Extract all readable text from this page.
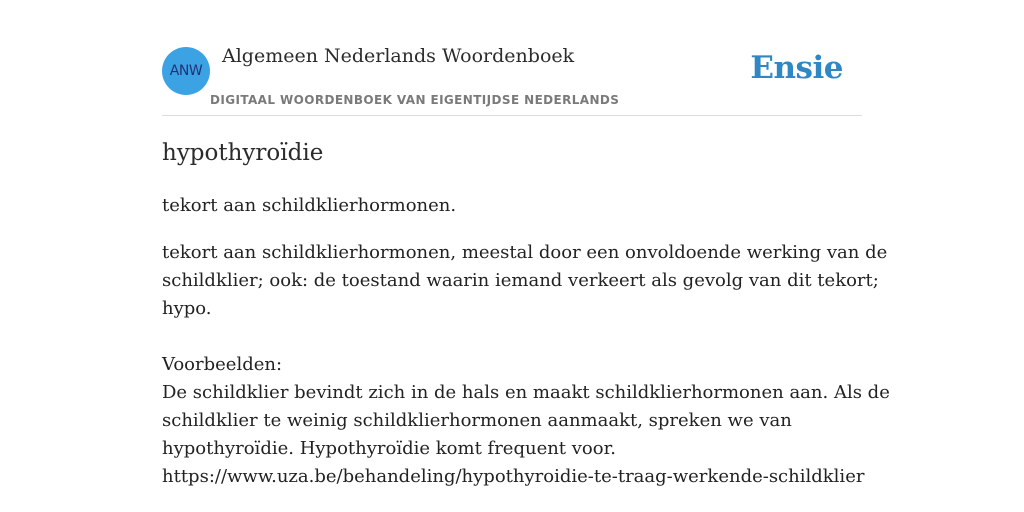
ANW
Algemeen Nederlands Woordenboek
DIGITAAL WOORDENBOEK VAN EIGENTIJDSE NEDERLANDS
Ensie
hypothyroïdie
tekort aan schildklierhormonen.

tekort aan schildklierhormonen, meestal door een onvoldoende werking van de
schildklier; ook: de toestand waarin iemand verkeert als gevolg van dit tekort;
hypo.

Voorbeelden:
De schildklier bevindt zich in de hals en maakt schildklierhormonen aan. Als de
schildklier te weinig schildklierhormonen aanmaakt, spreken we van
hypothyroïdie. Hypothyroïdie komt frequent voor.
https://www.uza.be/behandeling/hypothyroidie-te-traag-werkende-schildklier
